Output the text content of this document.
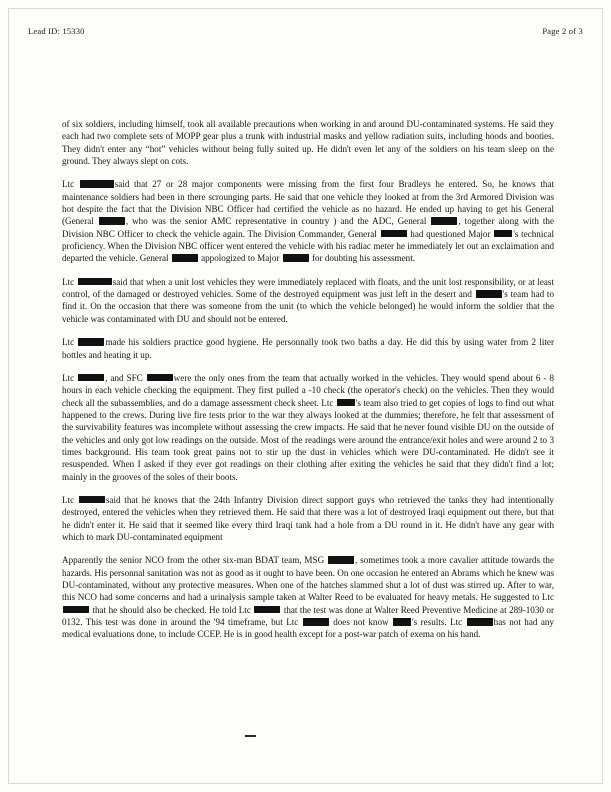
Lead ID: 15330	Page 2 of 3

of six soldiers, including himself, took all available precautions when working in and around DU-contaminated systems. He said they each had two complete sets of MOPP gear plus a trunk with industrial masks and yellow radiation suits, including hoods and booties. They didn't enter any “hot” vehicles without being fully suited up. He didn't even let any of the soldiers on his team sleep on the ground. They always slept on cots.

Ltc	said that 27 or 28 major components were missing from the first four Bradleys he entered. So, he knows that maintenance soldiers had been in there scrounging parts. He said that one vehicle they looked at from the 3rd Armored Division was hot despite the fact that the Division NBC Officer had certified the vehicle as no hazard. He ended up having to get his General (General	, who was the senior AMC representative in country ) and the ADC, General	, together along with the Division NBC Officer to check the vehicle again. The Division Commander, General	had questioned Major 's technical proficiency. When the Division NBC officer went entered the vehicle with his radiac meter he immediately let out an exclaimation and departed the vehicle. General	appologized to Major	for doubting his assessment.

Ltc	said that when a unit lost vehicles they were immediately replaced with floats, and the unit lost responsibility, or at least control, of the damaged or destroyed vehicles. Some of the destroyed equipment was just left in the desert and	's team had to find it. On the occasion that there was someone from the unit (to which the vehicle belonged) he would inform the soldier that the vehicle was contaminated with DU and should not be entered.

Ltc	made his soldiers practice good hygiene. He personnally took two baths a day. He did this by using water from 2 liter bottles and heating it up.

Ltc	, and SFC	were the only ones from the team that actually worked in the vehicles. They would spend about 6 - 8 hours in each vehicle checking the equipment. They first pulled a -10 check (the operator's check) on the vehicles. Then they would check all the subassemblies, and do a damage assessment check sheet. Ltc 's team also tried to get copies of logs to find out what happened to the crews. During live fire tests prior to the war they always looked at the dummies; therefore, he felt that assessment of the survivability features was incomplete without assessing the crew impacts. He said that he never found visible DU on the outside of the vehicles and only got low readings on the outside. Most of the readings were around the entrance/exit holes and were around 2 to 3 times background. His team took great pains not to stir up the dust in vehicles which were DU-contaminated. He didn't see it resuspended. When I asked if they ever got readings on their clothing after exiting the vehicles he said that they didn't find a lot; mainly in the grooves of the soles of their boots.

Ltc	said that he knows that the 24th Infantry Division direct support guys who retrieved the tanks they had intentionally destroyed, entered the vehicles when they retrieved them. He said that there was a lot of destroyed Iraqi equipment out there, but that he didn't enter it. He said that it seemed like every third Iraqi tank had a hole from a DU round in it. He didn't have any gear with which to mark DU-contaminated equipment

Apparently the senior NCO from the other six-man BDAT team, MSG	, sometimes took a more cavalier attitude towards the hazards. His personnal sanitation was not as good as it ought to have been. On one occasion he entered an Abrams which he knew was DU-contaminated, without any protective measures. When one of the hatches slammed shut a lot of dust was stirred up. After to war, this NCO had some concerns and had a urinalysis sample taken at Walter Reed to be evaluated for heavy metals. He suggested to Ltc  that he should also be checked. He told Ltc	that the test was done at Walter Reed Preventive Medicine at 289-1030 or 0132. This test was done in around the '94 timeframe, but Ltc	does not know 's results. Ltc	has not had any medical evaluations done, to include CCEP. He is in good health except for a post-war patch of exema on his hand.
